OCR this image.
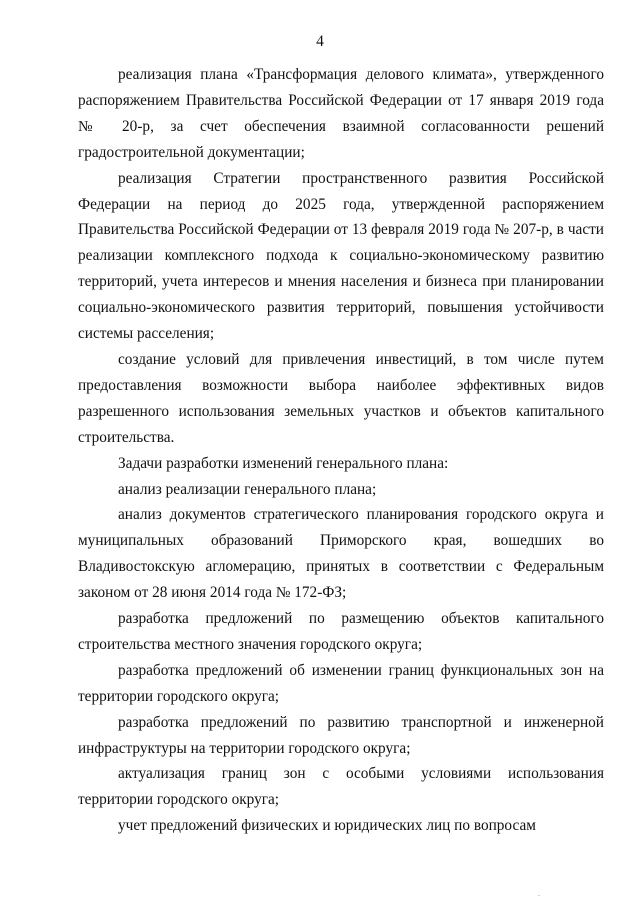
4

реализация плана «Трансформация делового климата», утвержденного распоряжением Правительства Российской Федерации от 17 января 2019 года № 20-р, за счет обеспечения взаимной согласованности решений градостроительной документации;

реализация Стратегии пространственного развития Российской Федерации на период до 2025 года, утвержденной распоряжением Правительства Российской Федерации от 13 февраля 2019 года № 207-р, в части реализации комплексного подхода к социально-экономическому развитию территорий, учета интересов и мнения населения и бизнеса при планировании социально-экономического развития территорий, повышения устойчивости системы расселения;

создание условий для привлечения инвестиций, в том числе путем предоставления возможности выбора наиболее эффективных видов разрешенного использования земельных участков и объектов капитального строительства.

Задачи разработки изменений генерального плана:

анализ реализации генерального плана;

анализ документов стратегического планирования городского округа и муниципальных образований Приморского края, вошедших во Владивостокскую агломерацию, принятых в соответствии с Федеральным законом от 28 июня 2014 года № 172-ФЗ;

разработка предложений по размещению объектов капитального строительства местного значения городского округа;

разработка предложений об изменении границ функциональных зон на территории городского округа;

разработка предложений по развитию транспортной и инженерной инфраструктуры на территории городского округа;

актуализация границ зон с особыми условиями использования территории городского округа;

учет предложений физических и юридических лиц по вопросам

.
